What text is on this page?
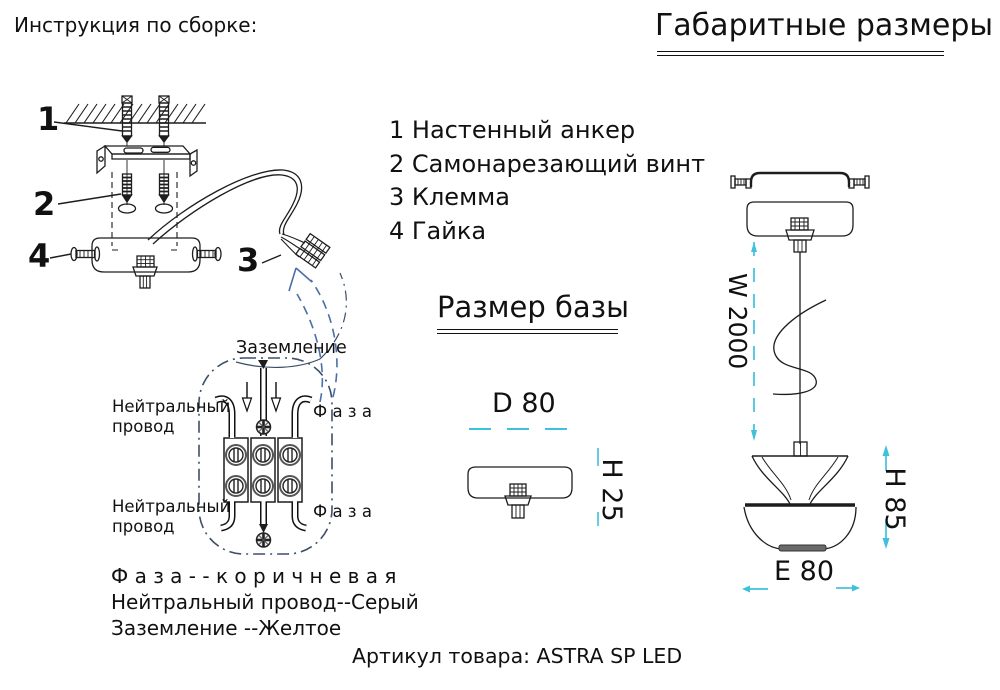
Инструкция по сборке:	Габаритные размеры
1 Настенный анкер
2 Самонарезающий винт
3 Клемма
4 Гайка
1
2
4	3
Заземление
Нейтральный
провод
Нейтральный
провод
Ф а з а
Ф а з а
Размер базы
D 80
H 25
W 2000
H 85
E 80
Ф а з а - - к о р и ч н е в а я
Нейтральный провод--Серый
Заземление --Желтое
Артикул товара: ASTRA SP LED
